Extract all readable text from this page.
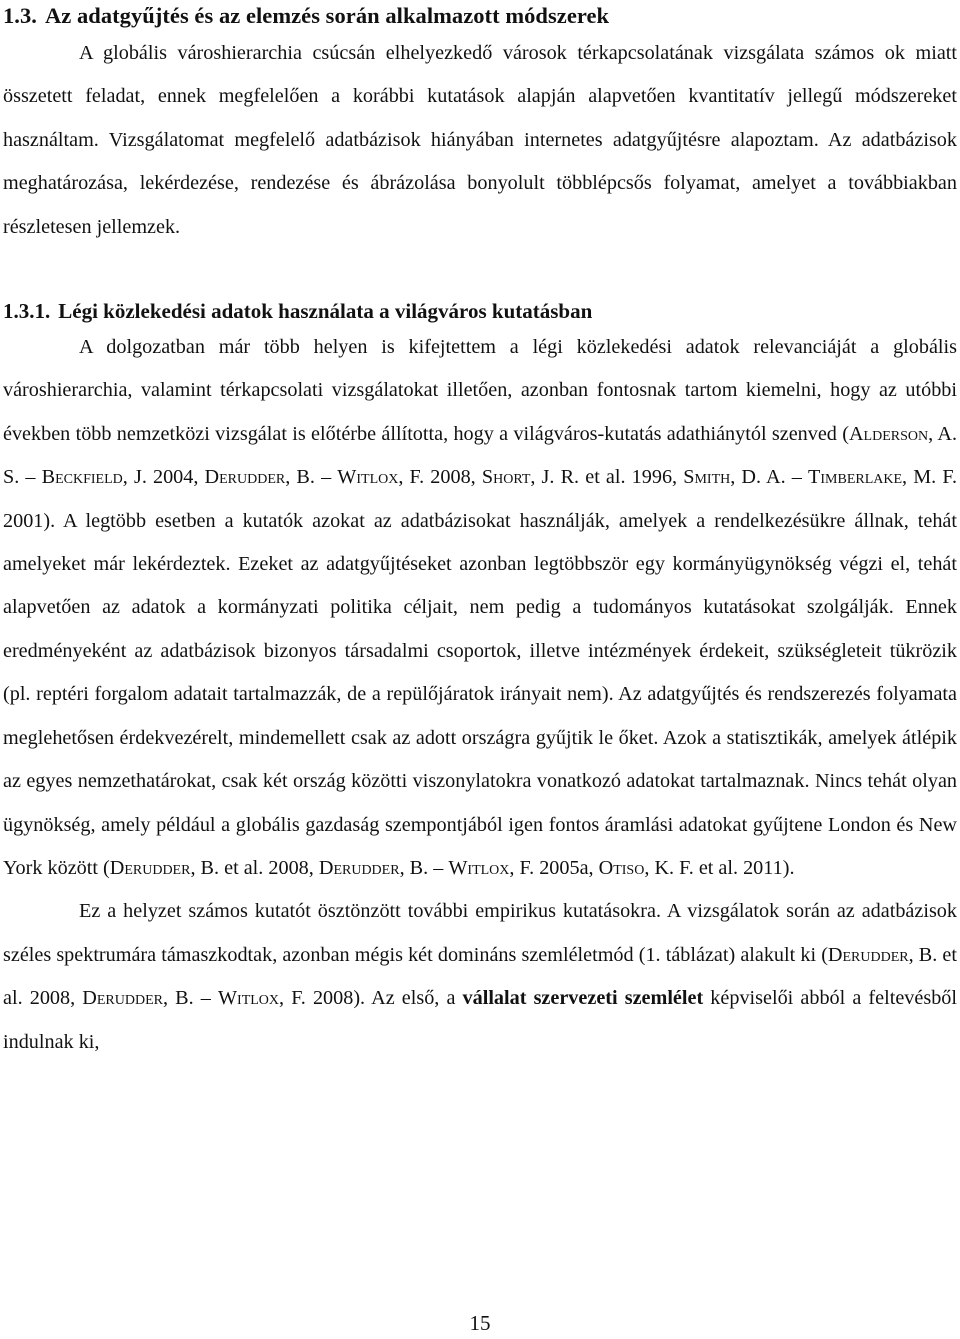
1.3. Az adatgyűjtés és az elemzés során alkalmazott módszerek

A globális városhierarchia csúcsán elhelyezkedő városok térkapcsolatának vizsgálata számos ok miatt összetett feladat, ennek megfelelően a korábbi kutatások alapján alapvetően kvantitatív jellegű módszereket használtam. Vizsgálatomat megfelelő adatbázisok hiányában internetes adatgyűjtésre alapoztam. Az adatbázisok meghatározása, lekérdezése, rendezése és ábrázolása bonyolult többlépcsős folyamat, amelyet a továbbiakban részletesen jellemzek.

1.3.1. Légi közlekedési adatok használata a világváros kutatásban

A dolgozatban már több helyen is kifejtettem a légi közlekedési adatok relevanciáját a globális városhierarchia, valamint térkapcsolati vizsgálatokat illetően, azonban fontosnak tartom kiemelni, hogy az utóbbi években több nemzetközi vizsgálat is előtérbe állította, hogy a világváros-kutatás adathiánytól szenved (Alderson, A. S. – Beckfield, J. 2004, Derudder, B. – Witlox, F. 2008, Short, J. R. et al. 1996, Smith, D. A. – Timberlake, M. F. 2001). A legtöbb esetben a kutatók azokat az adatbázisokat használják, amelyek a rendelkezésükre állnak, tehát amelyeket már lekérdeztek. Ezeket az adatgyűjtéseket azonban legtöbbször egy kormányügynökség végzi el, tehát alapvetően az adatok a kormányzati politika céljait, nem pedig a tudományos kutatásokat szolgálják. Ennek eredményeként az adatbázisok bizonyos társadalmi csoportok, illetve intézmények érdekeit, szükségleteit tükrözik (pl. reptéri forgalom adatait tartalmazzák, de a repülőjáratok irányait nem). Az adatgyűjtés és rendszerezés folyamata meglehetősen érdekvezérelt, mindemellett csak az adott országra gyűjtik le őket. Azok a statisztikák, amelyek átlépik az egyes nemzethatárokat, csak két ország közötti viszonylatokra vonatkozó adatokat tartalmaznak. Nincs tehát olyan ügynökség, amely például a globális gazdaság szempontjából igen fontos áramlási adatokat gyűjtene London és New York között (Derudder, B. et al. 2008, Derudder, B. – Witlox, F. 2005a, Otiso, K. F. et al. 2011).

Ez a helyzet számos kutatót ösztönzött további empirikus kutatásokra. A vizsgálatok során az adatbázisok széles spektrumára támaszkodtak, azonban mégis két domináns szemléletmód (1. táblázat) alakult ki (Derudder, B. et al. 2008, Derudder, B. – Witlox, F. 2008). Az első, a vállalat szervezeti szemlélet képviselői abból a feltevésből indulnak ki,

15
